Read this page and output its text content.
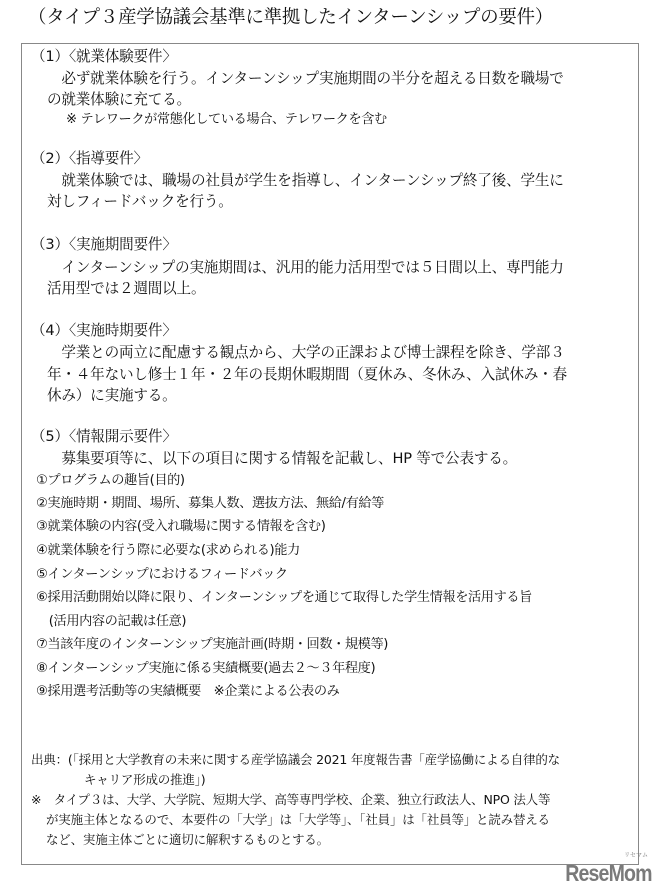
（タイプ３産学協議会基準に準拠したインターンシップの要件）
（1）〈就業体験要件〉
　必ず就業体験を行う。インターンシップ実施期間の半分を超える日数を職場で
の就業体験に充てる。
※ テレワークが常態化している場合、テレワークを含む
（2）〈指導要件〉
　就業体験では、職場の社員が学生を指導し、インターンシップ終了後、学生に
対しフィードバックを行う。
（3）〈実施期間要件〉
　インターンシップの実施期間は、汎用的能力活用型では５日間以上、専門能力
活用型では２週間以上。
（4）〈実施時期要件〉
　学業との両立に配慮する観点から、大学の正課および博士課程を除き、学部３
年・４年ないし修士１年・２年の長期休暇期間（夏休み、冬休み、入試休み・春
休み）に実施する。
（5）〈情報開示要件〉
　募集要項等に、以下の項目に関する情報を記載し、HP 等で公表する。
①プログラムの趣旨(目的)
②実施時期・期間、場所、募集人数、選抜方法、無給/有給等
③就業体験の内容(受入れ職場に関する情報を含む)
④就業体験を行う際に必要な(求められる)能力
⑤インターンシップにおけるフィードバック
⑥採用活動開始以降に限り、インターンシップを通じて取得した学生情報を活用する旨
　(活用内容の記載は任意)
⑦当該年度のインターンシップ実施計画(時期・回数・規模等)
⑧インターンシップ実施に係る実績概要(過去２～３年程度)
⑨採用選考活動等の実績概要　※企業による公表のみ
出典：(「採用と大学教育の未来に関する産学協議会 2021 年度報告書「産学協働による自律的な
キャリア形成の推進」)
※　タイプ３は、大学、大学院、短期大学、高等専門学校、企業、独立行政法人、NPO 法人等
が実施主体となるので、本要件の「大学」は「大学等」、「社員」は「社員等」と読み替える
など、実施主体ごとに適切に解釈するものとする。
リセマム
ReseMom
